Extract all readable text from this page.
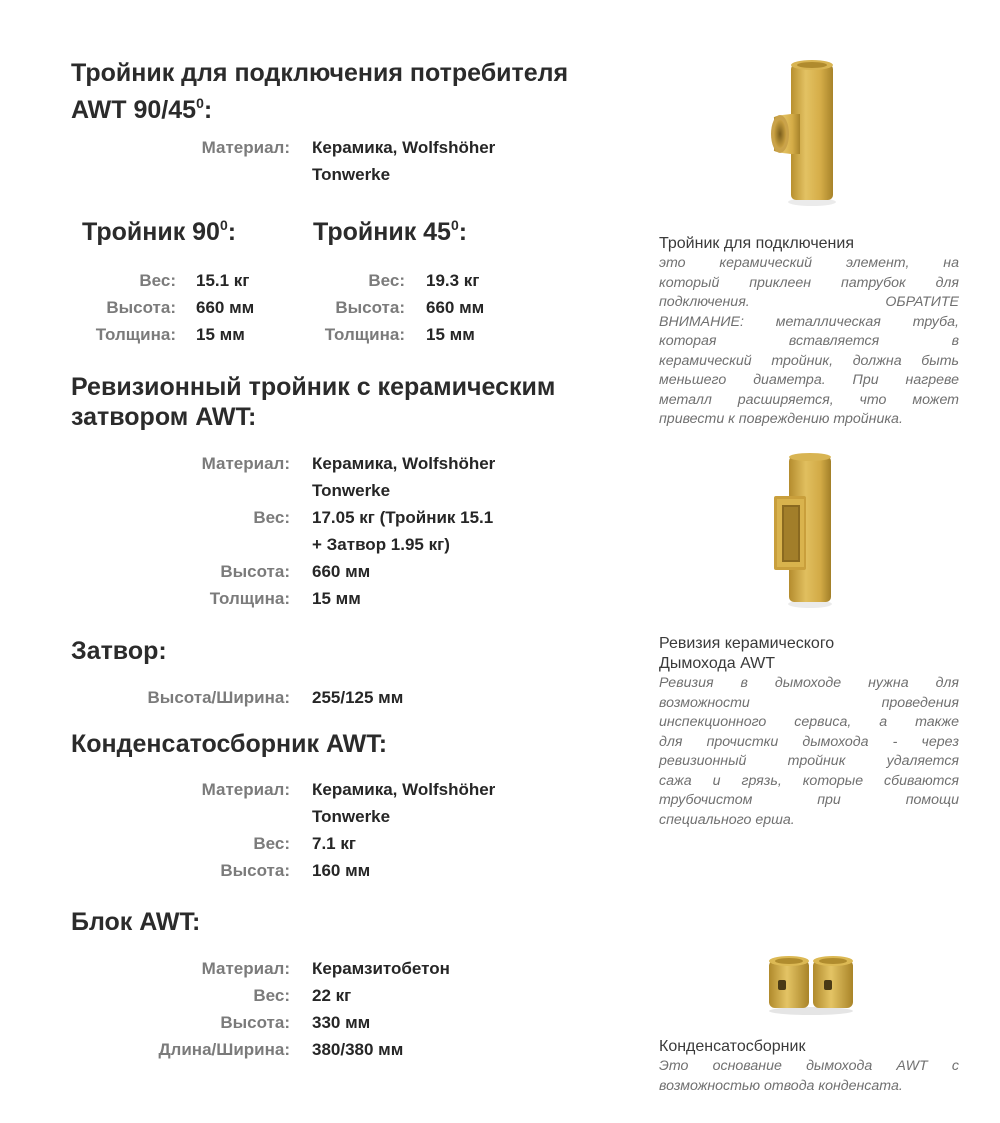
Тройник для подключения потребителя
AWT $90/45^0$:
Материал: Керамика, Wolfshöher
Tonwerke
Тройник $90^0$:	Тройник $45^0$:
Вес:
Высота:
Толщина:
15.1 кг
660 мм
15 мм
Вес:
Высота:
Толщина:
19.3 кг
660 мм
15 мм
Ревизионный тройник с керамическим
затвором AWT:
Материал:
Вес:
Высота:
Толщина:
Керамика, Wolfshöher
Tonwerke
17.05 кг (Тройник 15.1
+ Затвор 1.95 кг)
660 мм
15 мм
Затвор:
Высота/Ширина: 255/125 мм
Конденсатосборник AWT:
Материал:
Вес:
Высота:
Керамика, Wolfshöher
Tonwerke
7.1 кг
160 мм
Блок AWT:
Материал:
Вес:
Высота:
Длина/Ширина:
Керамзитобетон
22 кг
330 мм
380/380 мм
Тройник для подключения
это керамический элемент, на
который приклеен патрубок для
подключения. ОБРАТИТЕ
ВНИМАНИЕ: металлическая труба,
которая вставляется в
керамический тройник, должна быть
меньшего диаметра. При нагреве
металл расширяется, что может
привести к повреждению тройника.
Ревизия керамического
Дымохода AWT
Ревизия в дымоходе нужна для
возможности проведения
инспекционного сервиса, а также
для прочистки дымохода - через
ревизионный тройник удаляется
сажа и грязь, которые сбиваются
трубочистом при помощи
специального ерша.
Конденсатосборник
Это основание дымохода AWT с
возможностью отвода конденсата.
